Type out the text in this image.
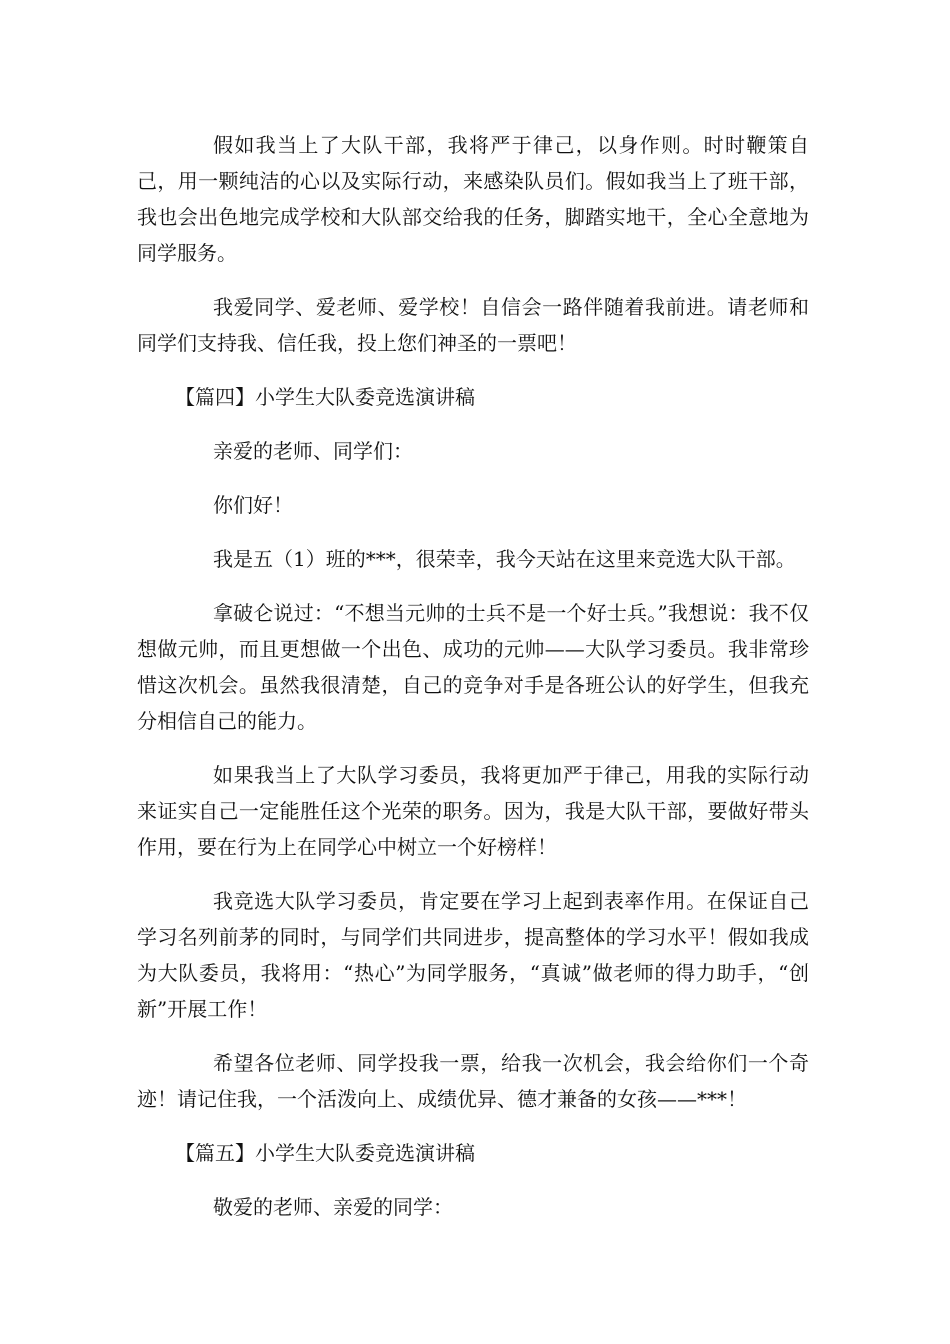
假如我当上了大队干部，我将严于律己，以身作则。时时鞭策自己，用一颗纯洁的心以及实际行动，来感染队员们。假如我当上了班干部，我也会出色地完成学校和大队部交给我的任务，脚踏实地干，全心全意地为同学服务。

我爱同学、爱老师、爱学校！自信会一路伴随着我前进。请老师和同学们支持我、信任我，投上您们神圣的一票吧！

【篇四】小学生大队委竞选演讲稿

亲爱的老师、同学们：

你们好！

我是五（1）班的***，很荣幸，我今天站在这里来竞选大队干部。

拿破仑说过：“不想当元帅的士兵不是一个好士兵。”我想说：我不仅想做元帅，而且更想做一个出色、成功的元帅——大队学习委员。我非常珍惜这次机会。虽然我很清楚，自己的竞争对手是各班公认的好学生，但我充分相信自己的能力。

如果我当上了大队学习委员，我将更加严于律己，用我的实际行动来证实自己一定能胜任这个光荣的职务。因为，我是大队干部，要做好带头作用，要在行为上在同学心中树立一个好榜样！

我竞选大队学习委员，肯定要在学习上起到表率作用。在保证自己学习名列前茅的同时，与同学们共同进步，提高整体的学习水平！假如我成为大队委员，我将用：“热心”为同学服务，“真诚”做老师的得力助手，“创新”开展工作！

希望各位老师、同学投我一票，给我一次机会，我会给你们一个奇迹！请记住我，一个活泼向上、成绩优异、德才兼备的女孩——***！

【篇五】小学生大队委竞选演讲稿

敬爱的老师、亲爱的同学：
